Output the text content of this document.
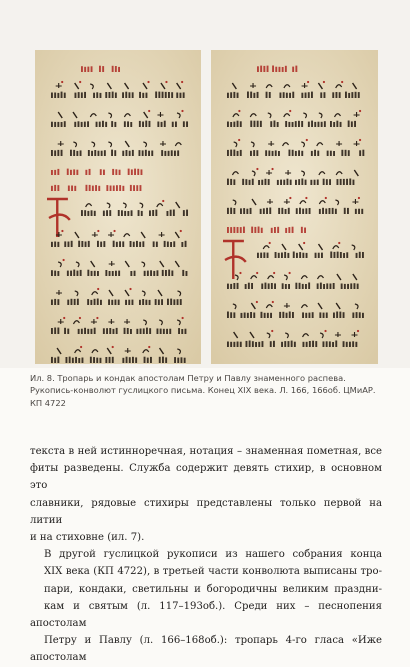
Ил. 8. Тропарь и кондак апостолам Петру и Павлу знаменного распева. Рукопись-конволют гуслицкого письма. Конец XIX века. Л. 166, 166об. ЦМиАР. КП 4722

текста в ней истинноречная, нотация – знаменная пометная, все
фиты разведены. Служба содержит девять стихир, в основном это
славники, рядовые стихиры представлены только первой на литии
и на стиховне (ил. 7).

В другой гуслицкой рукописи из нашего собрания конца
XIX века (КП 4722), в третьей части конволюта выписаны тро-
пари, кондаки, светильны и богородичны великим праздни-
кам и святым (л. 117–193об.). Среди них – песнопения апостолам
Петру и Павлу (л. 166–168об.): тропарь 4-го гласа «Иже апостолам
